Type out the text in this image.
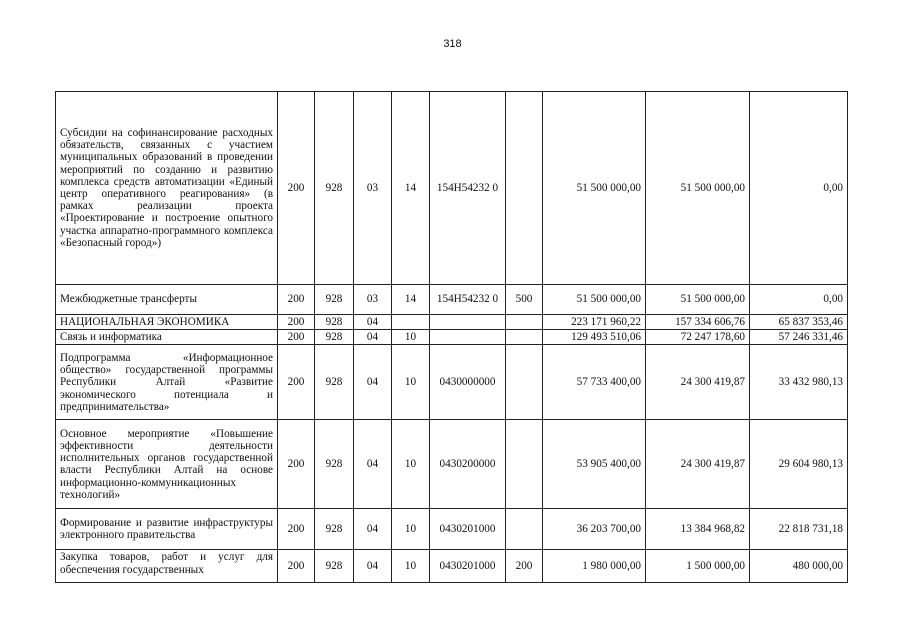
318
Субсидии на софинансирование расходных обязательств, связанных с участием муниципальных образований в проведении мероприятий по созданию и развитию комплекса средств автоматизации «Единый центр оперативного реагирования» (в рамках реализации проекта «Проектирование и построение опытного участка аппаратно-программного комплекса «Безопасный город»)	200	928	03	14	154H54232 0		51 500 000,00	51 500 000,00	0,00
Межбюджетные трансферты	200	928	03	14	154H54232 0	500	51 500 000,00	51 500 000,00	0,00
НАЦИОНАЛЬНАЯ ЭКОНОМИКА	200	928	04				223 171 960,22	157 334 606,76	65 837 353,46
Связь и информатика	200	928	04	10			129 493 510,06	72 247 178,60	57 246 331,46
Подпрограмма «Информационное общество» государственной программы Республики Алтай «Развитие экономического потенциала и предпринимательства»	200	928	04	10	0430000000		57 733 400,00	24 300 419,87	33 432 980,13
Основное мероприятие «Повышение эффективности деятельности исполнительных органов государственной власти Республики Алтай на основе информационно-коммуникационных технологий»	200	928	04	10	0430200000		53 905 400,00	24 300 419,87	29 604 980,13
Формирование и развитие инфраструктуры электронного правительства	200	928	04	10	0430201000		36 203 700,00	13 384 968,82	22 818 731,18

Закупка товаров, работ и услуг для обеспечения государственных	200	928	04	10	0430201000	200	1 980 000,00	1 500 000,00	480 000,00
